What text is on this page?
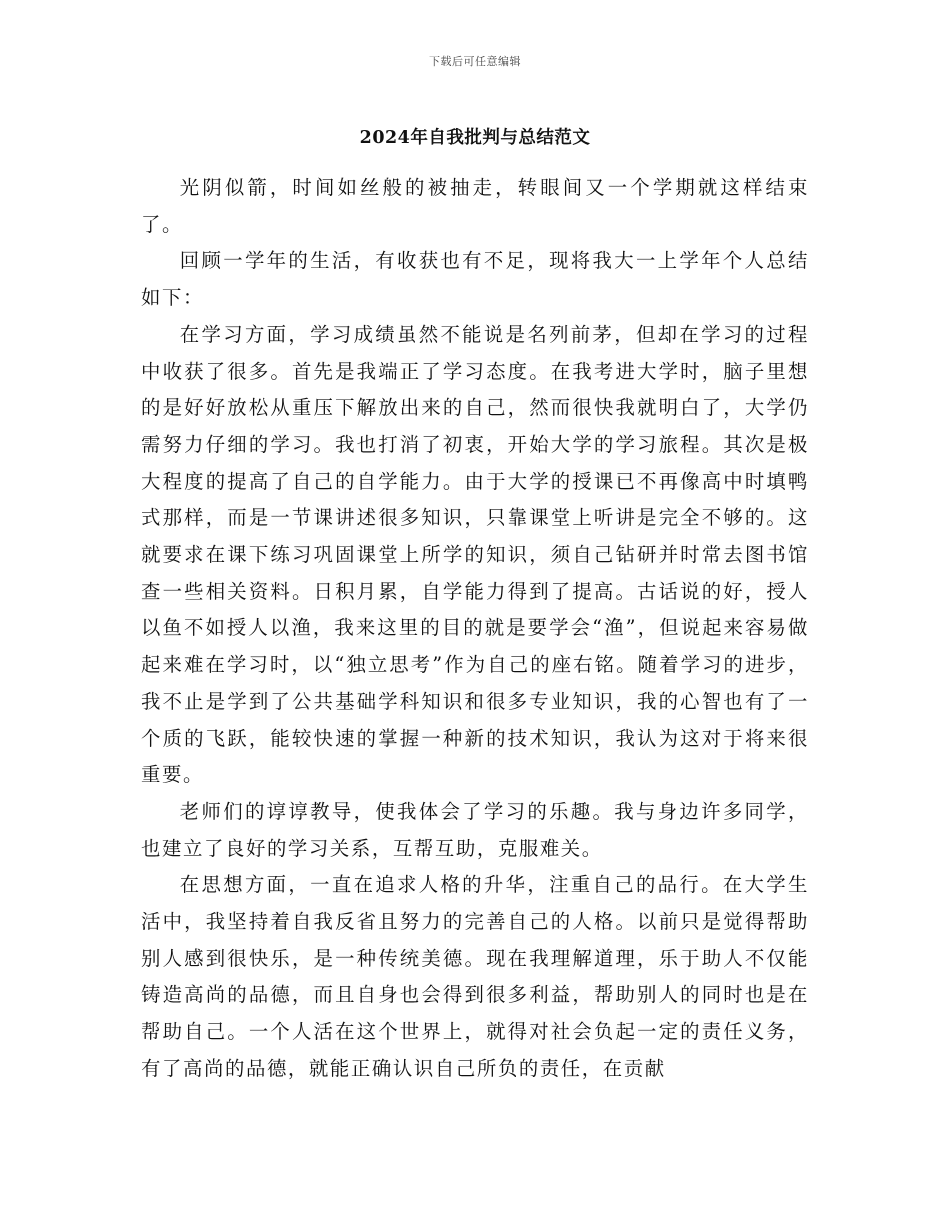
下载后可任意编辑
2024年自我批判与总结范文

光阴似箭，时间如丝般的被抽走，转眼间又一个学期就这样结束了。

回顾一学年的生活，有收获也有不足，现将我大一上学年个人总结如下：

在学习方面，学习成绩虽然不能说是名列前茅，但却在学习的过程中收获了很多。首先是我端正了学习态度。在我考进大学时，脑子里想的是好好放松从重压下解放出来的自己，然而很快我就明白了，大学仍需努力仔细的学习。我也打消了初衷，开始大学的学习旅程。其次是极大程度的提高了自己的自学能力。由于大学的授课已不再像高中时填鸭式那样，而是一节课讲述很多知识，只靠课堂上听讲是完全不够的。这就要求在课下练习巩固课堂上所学的知识，须自己钻研并时常去图书馆查一些相关资料。日积月累，自学能力得到了提高。古话说的好，授人以鱼不如授人以渔，我来这里的目的就是要学会“渔”，但说起来容易做起来难在学习时，以“独立思考”作为自己的座右铭。随着学习的进步，我不止是学到了公共基础学科知识和很多专业知识，我的心智也有了一个质的飞跃，能较快速的掌握一种新的技术知识，我认为这对于将来很重要。

老师们的谆谆教导，使我体会了学习的乐趣。我与身边许多同学，也建立了良好的学习关系，互帮互助，克服难关。

在思想方面，一直在追求人格的升华，注重自己的品行。在大学生活中，我坚持着自我反省且努力的完善自己的人格。以前只是觉得帮助别人感到很快乐，是一种传统美德。现在我理解道理，乐于助人不仅能铸造高尚的品德，而且自身也会得到很多利益，帮助别人的同时也是在帮助自己。一个人活在这个世界上，就得对社会负起一定的责任义务，有了高尚的品德，就能正确认识自己所负的责任，在贡献
